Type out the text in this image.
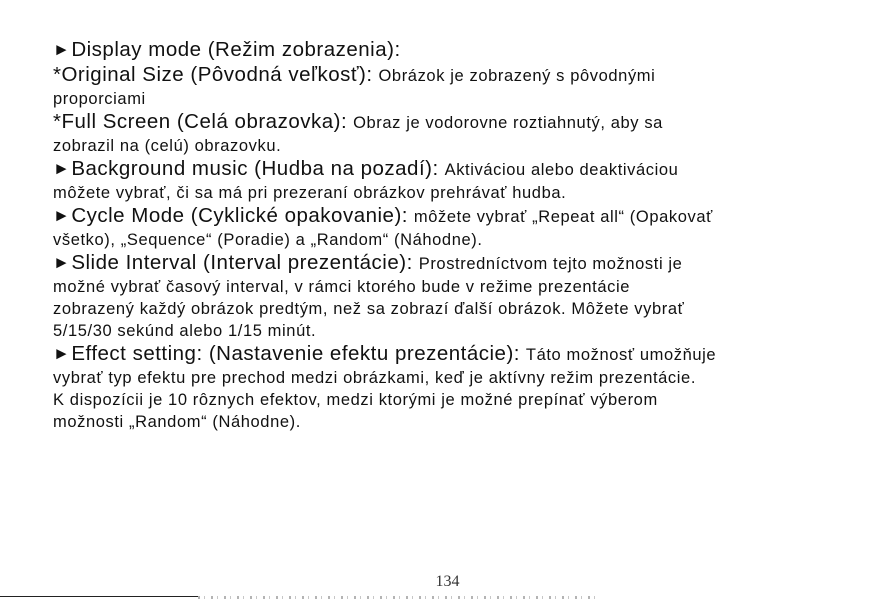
►Display mode (Režim zobrazenia):

*Original Size (Pôvodná veľkosť): Obrázok je zobrazený s pôvodnými

proporciami

*Full Screen (Celá obrazovka): Obraz je vodorovne roztiahnutý, aby sa

zobrazil na (celú) obrazovku.

►Background music (Hudba na pozadí): Aktiváciou alebo deaktiváciou

môžete vybrať, či sa má pri prezeraní obrázkov prehrávať hudba.

►Cycle Mode (Cyklické opakovanie): môžete vybrať „Repeat all“ (Opakovať

všetko), „Sequence“ (Poradie) a „Random“ (Náhodne).

►Slide Interval (Interval prezentácie): Prostredníctvom tejto možnosti je

možné vybrať časový interval, v rámci ktorého bude v režime prezentácie

zobrazený každý obrázok predtým, než sa zobrazí ďalší obrázok. Môžete vybrať

5/15/30 sekúnd alebo 1/15 minút.

►Effect setting: (Nastavenie efektu prezentácie): Táto možnosť umožňuje

vybrať typ efektu pre prechod medzi obrázkami, keď je aktívny režim prezentácie.

K dispozícii je 10 rôznych efektov, medzi ktorými je možné prepínať výberom

možnosti „Random“ (Náhodne).

134
